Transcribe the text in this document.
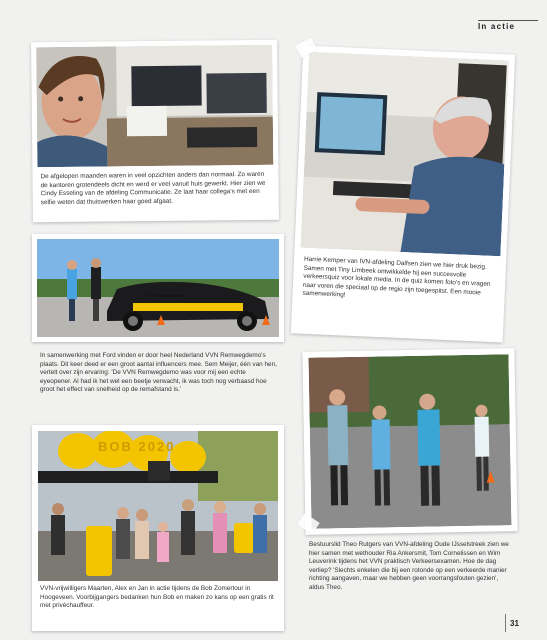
In actie

De afgelopen maanden waren in veel opzichten anders dan normaal. Zo waren de kantoren grotendeels dicht en werd er veel vanuit huis gewerkt. Hier zien we Cindy Esseling van de afdeling Communicatie. Ze laat haar collega's met een selfie weten dat thuiswerken haar goed afgaat.

Harrie Kemper van IVN-afdeling Dalfsen zien we hier druk bezig. Samen met Tiny Limbeek ontwikkelde hij een succesvolle verkeersquiz voor lokale media. In de quiz komen foto's en vragen naar voren die speciaal op de regio zijn toegespitst. Een mooie samenwerking!

VVN Remwegdemo

In samenwerking met Ford vinden er door heel Nederland VVN Remwegdemo's plaats. Dit keer deed er een groot aantal influencers mee. Sem Meijer, één van hen, vertelt over zijn ervaring: 'De VVN Remwegdemo was voor mij een echte eyeopener. Al had ik het wel een beetje verwacht, ik was toch nog verbaasd hoe groot het effect van snelheid op de remafstand is.'

BOB 2020

VVN-vrijwilligers Maarten, Alex en Jan in actie tijdens de Bob Zomertour in Hoogeveen. Voorbijgangers bedanken hun Bob en maken zo kans op een gratis rit met privéchauffeur.

Bestuurslid Theo Rutgers van VVN-afdeling Oude IJsselstreek zien we hier samen met wethouder Ria Ankersmit, Tom Cornelissen en Wim Leuverink tijdens het VVN praktisch Verkeersexamen. Hoe de dag verliep? 'Slechts enkelen die bij een rotonde op een verkeerde manier richting aangaven, maar we hebben geen voorrangsfouten gezien', aldus Theo.

31
